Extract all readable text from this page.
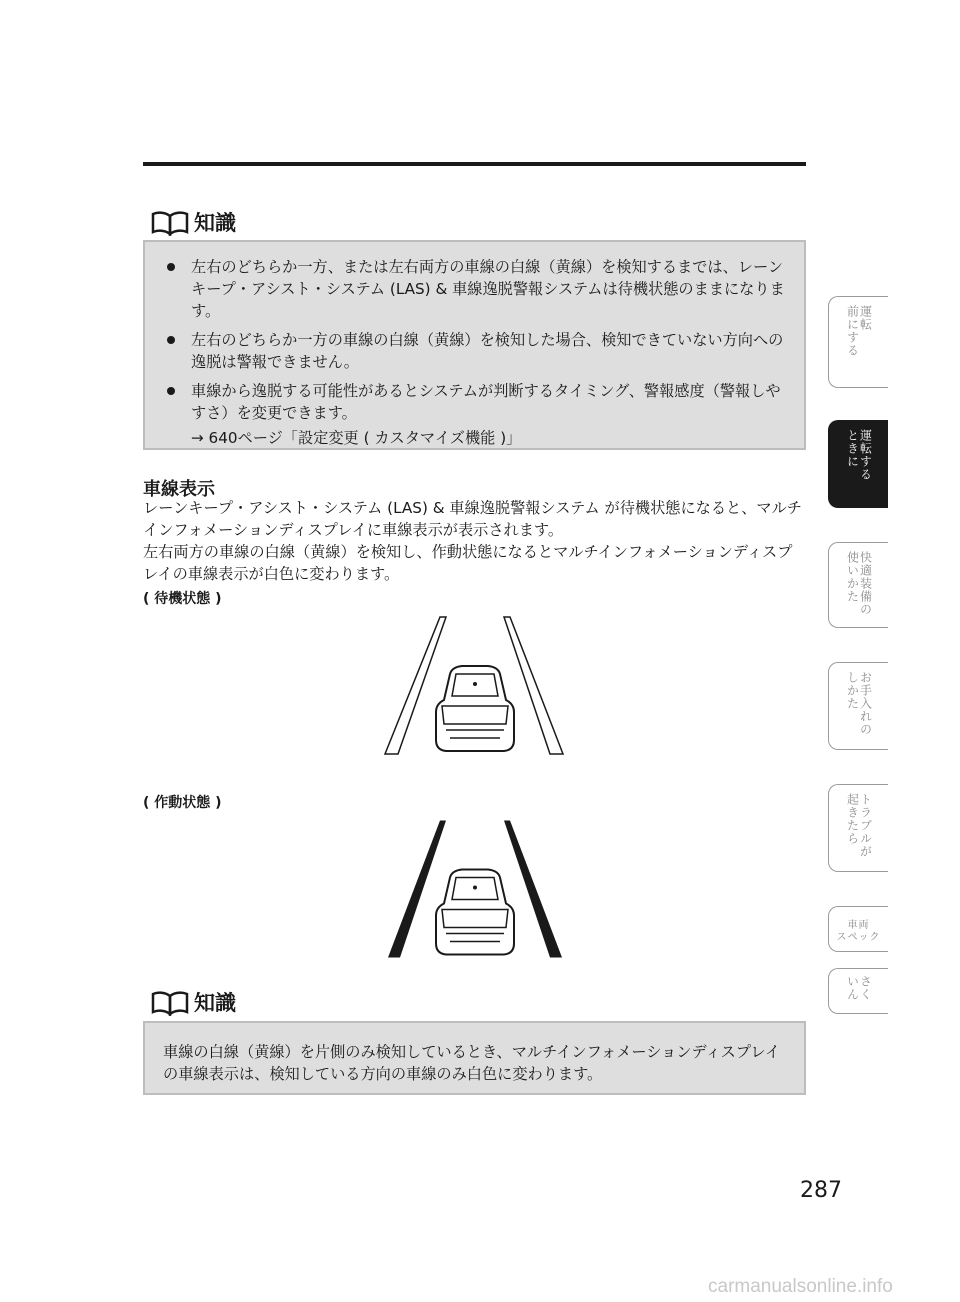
知識
左右のどちらか一方、または左右両方の車線の白線（黄線）を検知するまでは、レーンキープ・アシスト・システム (LAS) & 車線逸脱警報システムは待機状態のままになります。
左右のどちらか一方の車線の白線（黄線）を検知した場合、検知できていない方向への逸脱は警報できません。
車線から逸脱する可能性があるとシステムが判断するタイミング、警報感度（警報しやすさ）を変更できます。
→ 640ページ「設定変更 ( カスタマイズ機能 )」
車線表示

レーンキープ・アシスト・システム (LAS) & 車線逸脱警報システム が待機状態になると、マルチインフォメーションディスプレイに車線表示が表示されます。

左右両方の車線の白線（黄線）を検知し、作動状態になるとマルチインフォメーションディスプレイの車線表示が白色に変わります。

( 待機状態 )
( 作動状態 )
知識
車線の白線（黄線）を片側のみ検知しているとき、マルチインフォメーションディスプレイの車線表示は、検知している方向の車線のみ白色に変わります。
運転
前にする
運転する
ときに
快適装備の
使いかた
お手入れの
しかた
トラブルが
起きたら
車両
スペック
さく
いん
287
carmanualsonline.info
